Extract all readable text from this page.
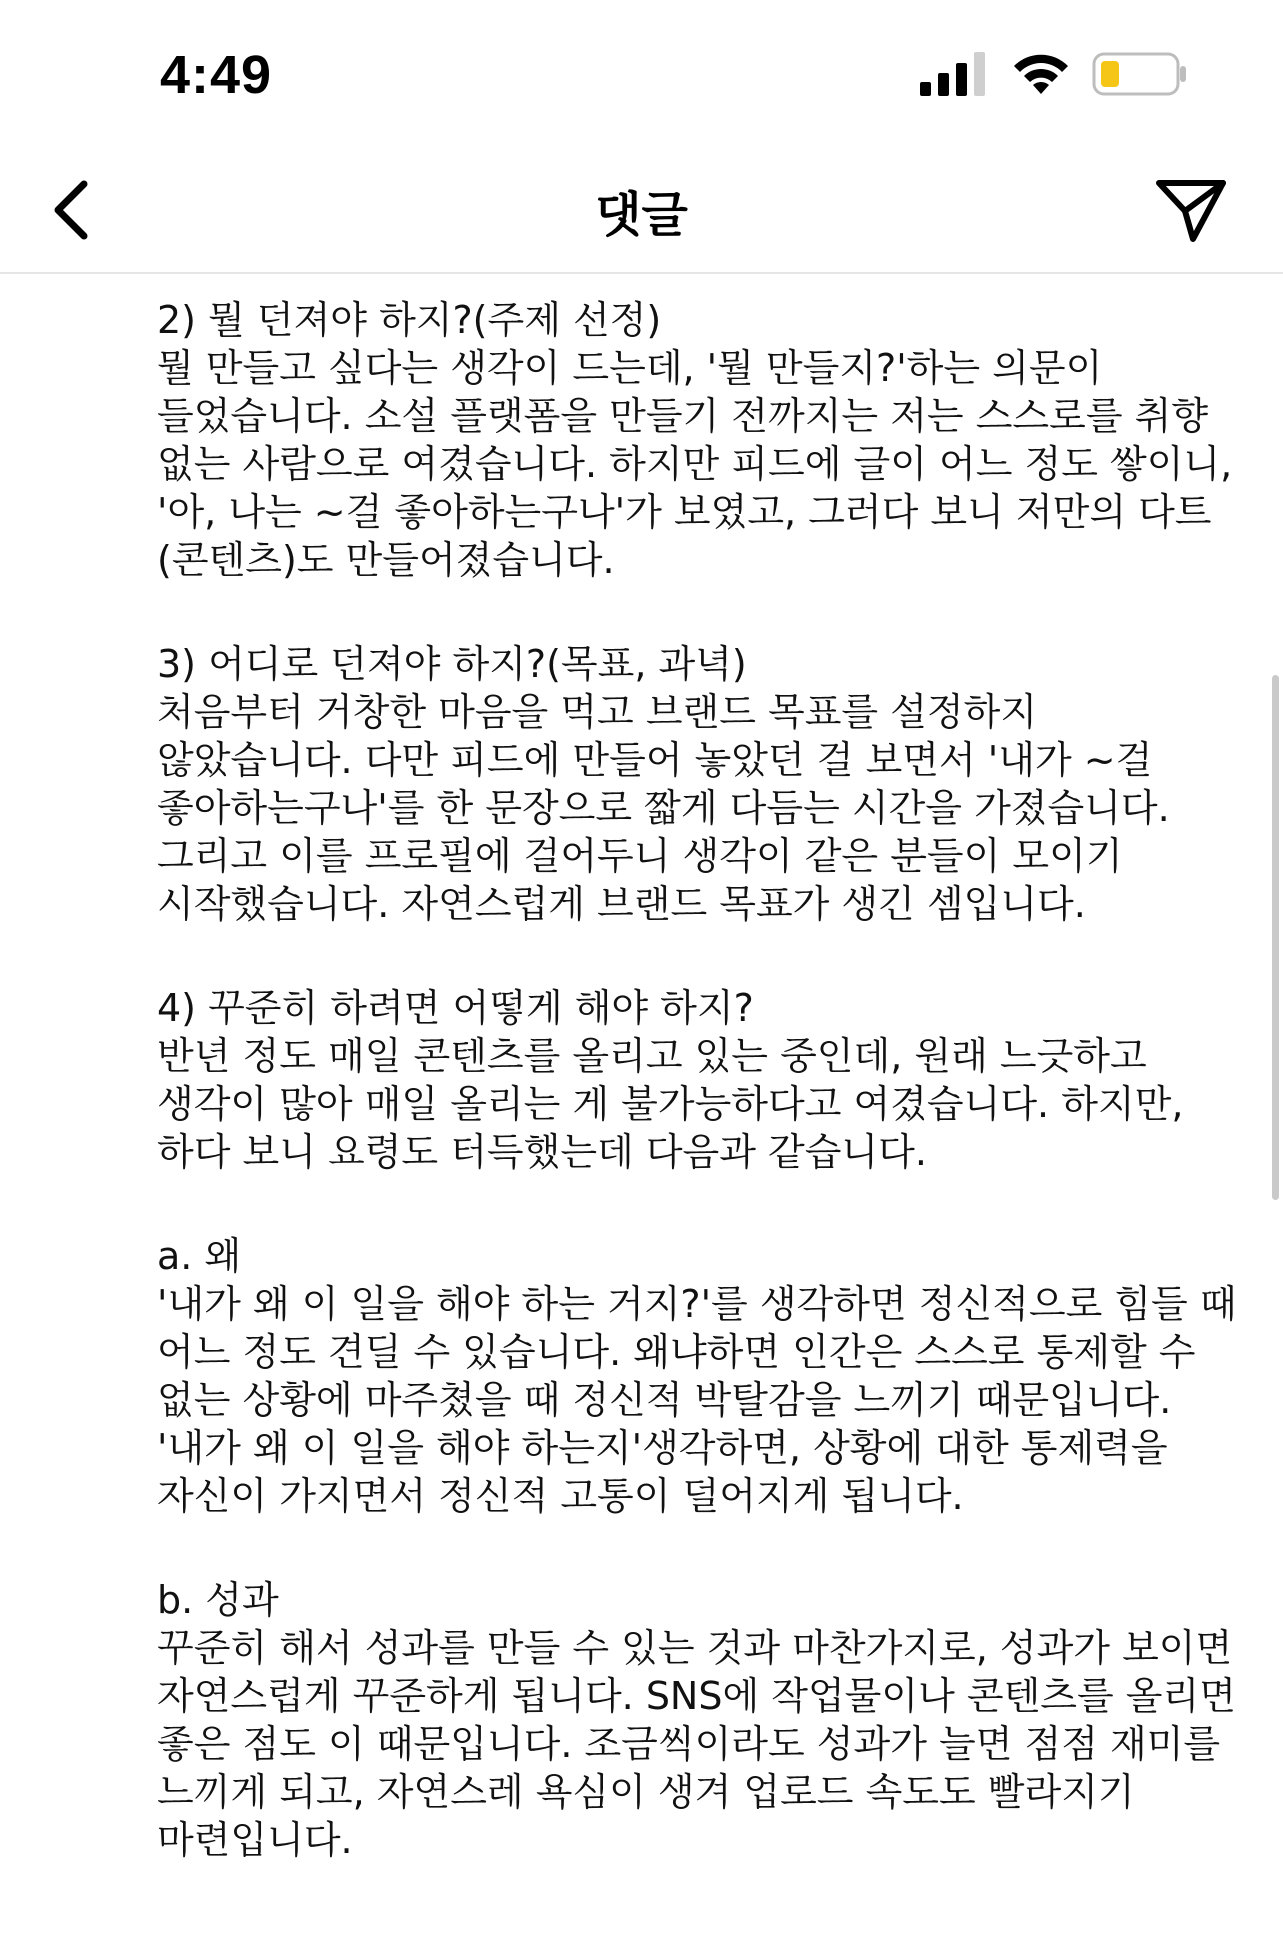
4:49
댓글

2) 뭘 던져야 하지?(주제 선정)

뭘 만들고 싶다는 생각이 드는데, '뭘 만들지?'하는 의문이 들었습니다. 소설 플랫폼을 만들기 전까지는 저는 스스로를 취향 없는 사람으로 여겼습니다. 하지만 피드에 글이 어느 정도 쌓이니, '아, 나는 ~걸 좋아하는구나'가 보였고, 그러다 보니 저만의 다트(콘텐츠)도 만들어졌습니다.

3) 어디로 던져야 하지?(목표, 과녁)

처음부터 거창한 마음을 먹고 브랜드 목표를 설정하지 않았습니다. 다만 피드에 만들어 놓았던 걸 보면서 '내가 ~걸 좋아하는구나'를 한 문장으로 짧게 다듬는 시간을 가졌습니다. 그리고 이를 프로필에 걸어두니 생각이 같은 분들이 모이기 시작했습니다. 자연스럽게 브랜드 목표가 생긴 셈입니다.

4) 꾸준히 하려면 어떻게 해야 하지?

반년 정도 매일 콘텐츠를 올리고 있는 중인데, 원래 느긋하고 생각이 많아 매일 올리는 게 불가능하다고 여겼습니다. 하지만, 하다 보니 요령도 터득했는데 다음과 같습니다.

a. 왜

'내가 왜 이 일을 해야 하는 거지?'를 생각하면 정신적으로 힘들 때 어느 정도 견딜 수 있습니다. 왜냐하면 인간은 스스로 통제할 수 없는 상황에 마주쳤을 때 정신적 박탈감을 느끼기 때문입니다. '내가 왜 이 일을 해야 하는지'생각하면, 상황에 대한 통제력을 자신이 가지면서 정신적 고통이 덜어지게 됩니다.

b. 성과

꾸준히 해서 성과를 만들 수 있는 것과 마찬가지로, 성과가 보이면 자연스럽게 꾸준하게 됩니다. SNS에 작업물이나 콘텐츠를 올리면 좋은 점도 이 때문입니다. 조금씩이라도 성과가 늘면 점점 재미를 느끼게 되고, 자연스레 욕심이 생겨 업로드 속도도 빨라지기 마련입니다.
